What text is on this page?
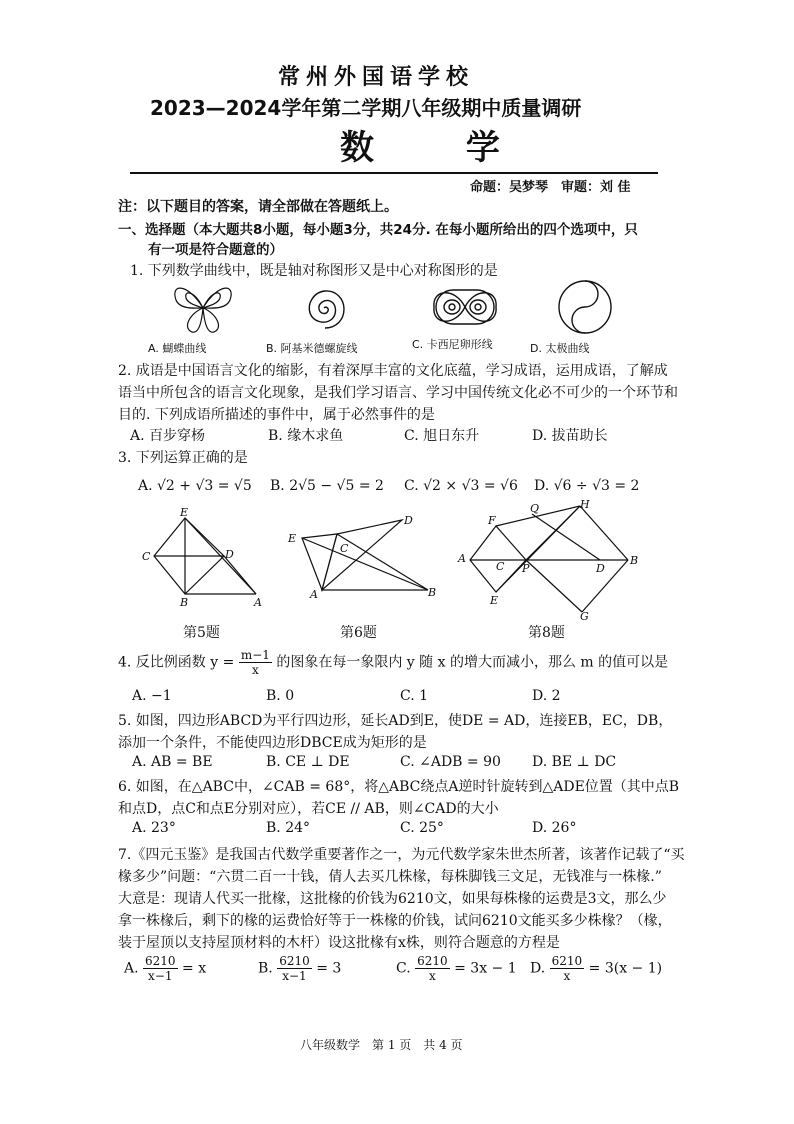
常州外国语学校
2023—2024学年第二学期八年级期中质量调研
数 学
命题：吴梦琴　审题：刘 佳
注：以下题目的答案，请全部做在答题纸上。
一、选择题（本大题共8小题，每小题3分，共24分. 在每小题所给出的四个选项中，只
有一项是符合题意的）
1. 下列数学曲线中，既是轴对称图形又是中心对称图形的是
A. 蝴蝶曲线	B. 阿基米德螺旋线	C. 卡西尼卵形线	D. 太极曲线
2. 成语是中国语言文化的缩影，有着深厚丰富的文化底蕴，学习成语，运用成语，了解成
语当中所包含的语言文化现象，是我们学习语言、学习中国传统文化必不可少的一个环节和
目的. 下列成语所描述的事件中，属于必然事件的是
A. 百步穿杨	B. 缘木求鱼	C. 旭日东升	D. 拔苗助长
3. 下列运算正确的是
A. √2 + √3 = √5 B. 2√5 − √5 = 2 C. √2 × √3 = √6 D. √6 ÷ √3 = 2
E
C	D
B	A
第5题
E
C
D
A	B
第6题
F
Q	H
A
C P	D
B
E
G
第8题
4. 反比例函数 $y = \frac{m-1}{x}$ 的图象在每一象限内 y 随 x 的增大而减小，那么 m 的值可以是
A. −1	B. 0	C. 1	D. 2
5. 如图，四边形ABCD为平行四边形，延长AD到E，使DE = AD，连接EB，EC，DB，
添加一个条件，不能使四边形DBCE成为矩形的是
A. AB = BE	B. CE ⊥ DE	C. ∠ADB = 90 D. BE ⊥ DC
6. 如图，在△ABC中，∠CAB = 68°，将△ABC绕点A逆时针旋转到△ADE位置（其中点B
和点D，点C和点E分别对应），若CE // AB，则∠CAD的大小
A. 23°	B. 24°	C. 25°	D. 26°
7.《四元玉鉴》是我国古代数学重要著作之一，为元代数学家朱世杰所著，该著作记载了“买
椽多少”问题：“六贯二百一十钱，倩人去买几株椽，每株脚钱三文足，无钱准与一株椽.”
大意是：现请人代买一批椽，这批椽的价钱为6210文，如果每株椽的运费是3文，那么少
拿一株椽后，剩下的椽的运费恰好等于一株椽的价钱，试问6210文能买多少株椽？（椽，
装于屋顶以支持屋顶材料的木杆）设这批椽有x株，则符合题意的方程是
A. $\frac{6210}{x-1} = x$	B. $\frac{6210}{x-1} = 3$	C. $\frac{6210}{x} = 3x - 1$ D. $\frac{6210}{x} = 3(x - 1)$
八年级数学　第 1 页　共 4 页
